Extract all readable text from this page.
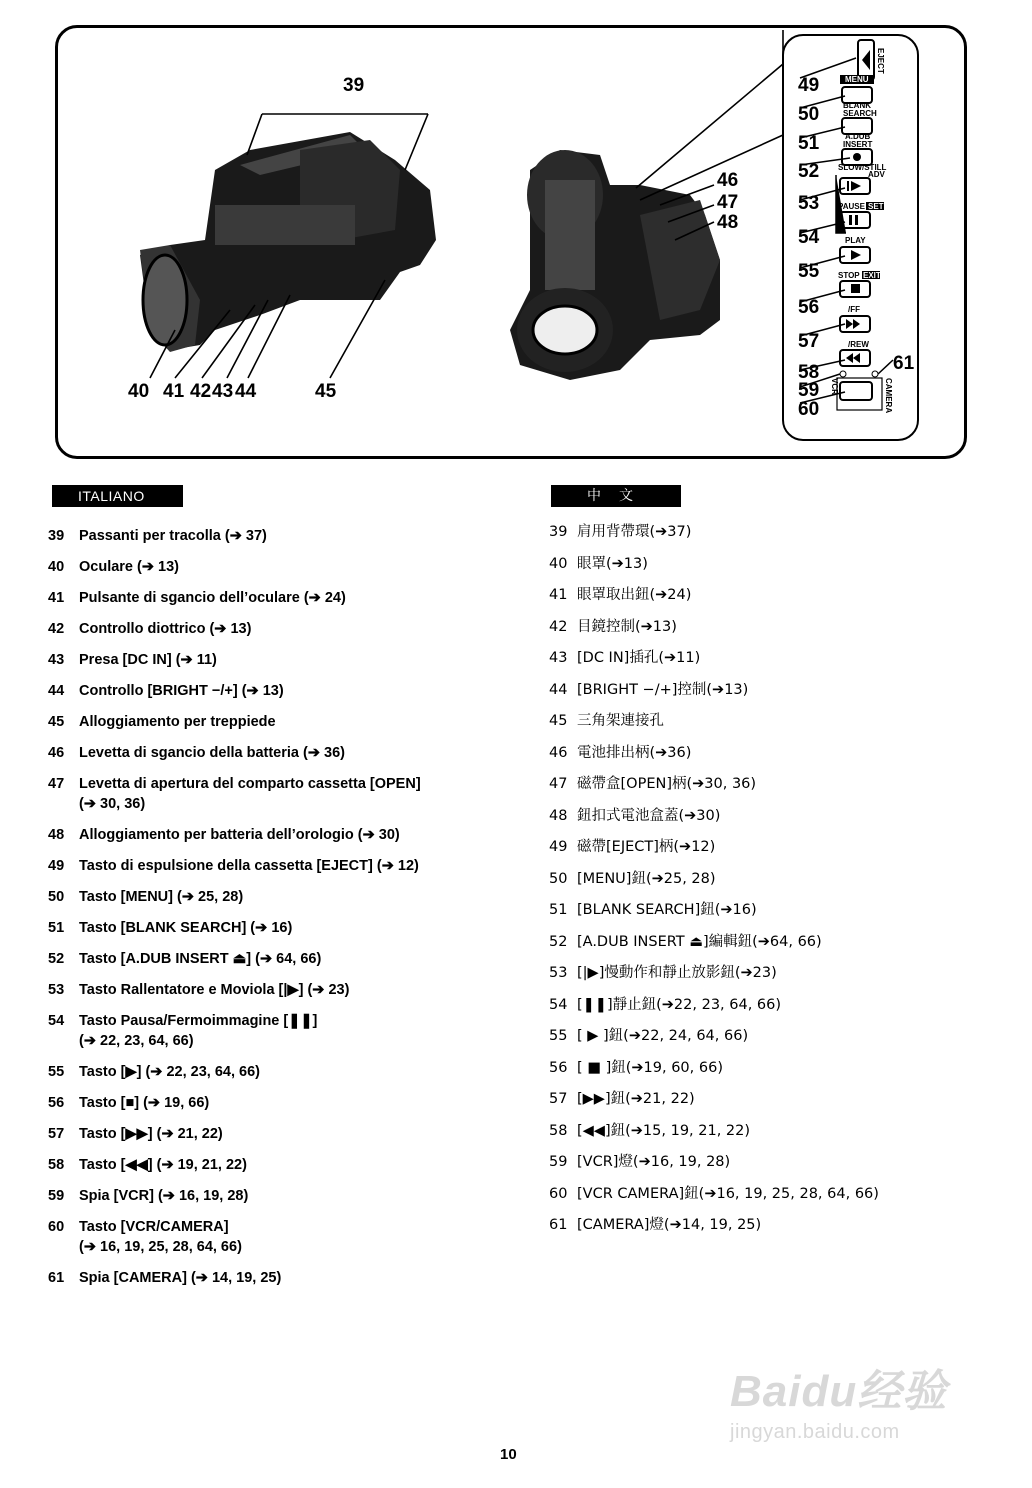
39
40 41 42 43 44	45
46
47
48
EJECT
MENU
BLANK
SEARCH
A.DUB
INSERT
SLOW/STILL
ADV
PAUSE SET
PLAY
STOP EXIT
/FF
/REW
VCR	CAMERA
49
50
51
52
53
54
55
56
57
58
59
60
61
ITALIANO	中文
39	Passanti per tracolla (➔ 37)
40	Oculare (➔ 13)
41	Pulsante di sgancio dell’oculare (➔ 24)
42	Controllo diottrico (➔ 13)
43	Presa [DC IN] (➔ 11)
44	Controllo [BRIGHT −/+] (➔ 13)
45	Alloggiamento per treppiede
46	Levetta di sgancio della batteria (➔ 36)
47	Levetta di apertura del comparto cassetta [OPEN]
(➔ 30, 36)
48	Alloggiamento per batteria dell’orologio (➔ 30)
49	Tasto di espulsione della cassetta [EJECT] (➔ 12)
50	Tasto [MENU] (➔ 25, 28)
51	Tasto [BLANK SEARCH] (➔ 16)
52	Tasto [A.DUB INSERT ⏏] (➔ 64, 66)
53	Tasto Rallentatore e Moviola [|▶] (➔ 23)
54	Tasto Pausa/Fermoimmagine [❚❚]
(➔ 22, 23, 64, 66)
55	Tasto [▶] (➔ 22, 23, 64, 66)
56	Tasto [■] (➔ 19, 66)
57	Tasto [▶▶] (➔ 21, 22)
58	Tasto [◀◀] (➔ 19, 21, 22)
59	Spia [VCR] (➔ 16, 19, 28)
60	Tasto [VCR/CAMERA]
(➔ 16, 19, 25, 28, 64, 66)
61	Spia [CAMERA] (➔ 14, 19, 25)
39 肩用背帶環(➔37)
40 眼罩(➔13)
41 眼罩取出鈕(➔24)
42 目鏡控制(➔13)
43 [DC IN]插孔(➔11)
44 [BRIGHT −/+]控制(➔13)
45 三角架連接孔
46 電池排出柄(➔36)
47 磁帶盒[OPEN]柄(➔30, 36)
48 鈕扣式電池盒蓋(➔30)
49 磁帶[EJECT]柄(➔12)
50 [MENU]鈕(➔25, 28)
51 [BLANK SEARCH]鈕(➔16)
52 [A.DUB INSERT ⏏]編輯鈕(➔64, 66)
53 [|▶]慢動作和靜止放影鈕(➔23)
54 [❚❚]靜止鈕(➔22, 23, 64, 66)
55 [ ▶ ]鈕(➔22, 24, 64, 66)
56 [ ■ ]鈕(➔19, 60, 66)
57 [▶▶]鈕(➔21, 22)
58 [◀◀]鈕(➔15, 19, 21, 22)
59 [VCR]燈(➔16, 19, 28)
60 [VCR CAMERA]鈕(➔16, 19, 25, 28, 64, 66)
61 [CAMERA]燈(➔14, 19, 25)
10
Baidu经验
jingyan.baidu.com
